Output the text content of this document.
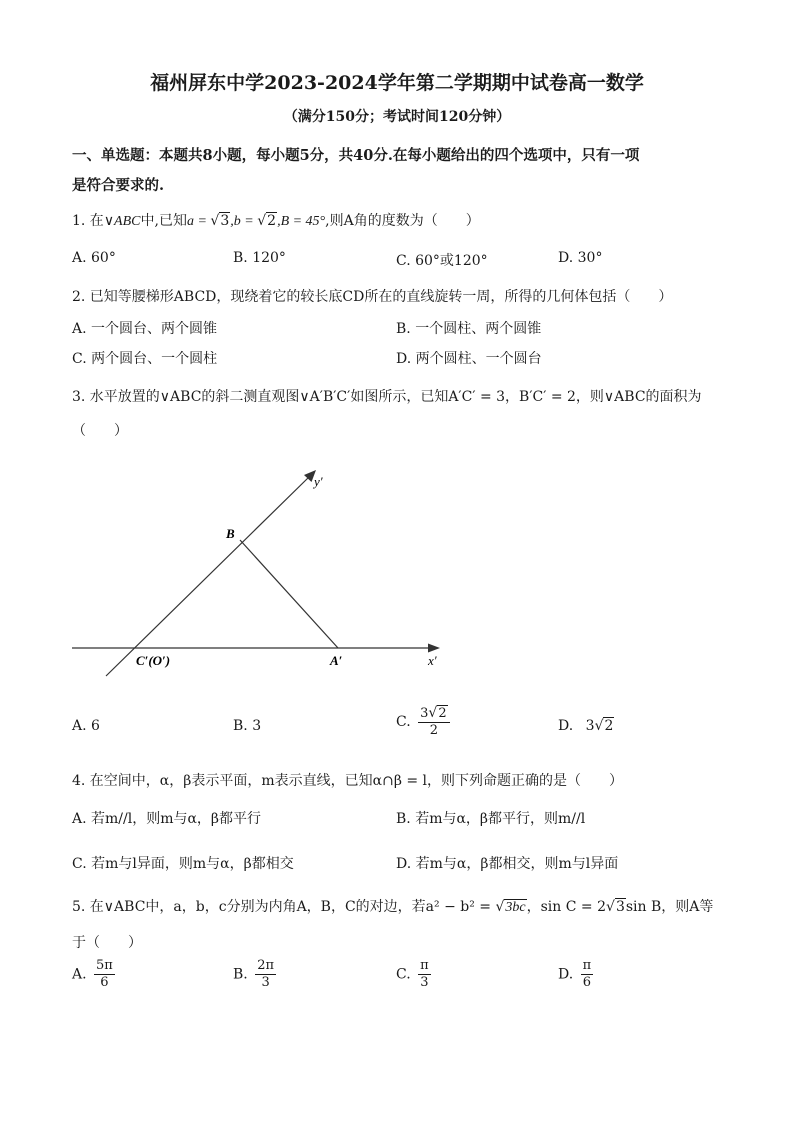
福州屏东中学2023-2024学年第二学期期中试卷高一数学
（满分150分；考试时间120分钟）
一、单选题：本题共8小题，每小题5分，共40分.在每小题给出的四个选项中，只有一项
是符合要求的.
1. 在∨ABC中,已知a = √3,b = √2,B = 45°,则A角的度数为（　　）
A. 60°	B. 120°	C. 60°或120°	D. 30°
2. 已知等腰梯形ABCD，现绕着它的较长底CD所在的直线旋转一周，所得的几何体包括（　　）
A. 一个圆台、两个圆锥	B. 一个圆柱、两个圆锥
C. 两个圆台、一个圆柱	D. 两个圆柱、一个圆台
3. 水平放置的∨ABC的斜二测直观图∨A′B′C′如图所示，已知A′C′ = 3，B′C′ = 2，则∨ABC的面积为
（　　）
y′
x′
B
A′
C′(O′)
A. 6	B. 3	C. $\frac{3√2}{2}$	D. 3√2
4. 在空间中，α，β表示平面，m表示直线，已知α∩β = l，则下列命题正确的是（　　）
A. 若m//l，则m与α，β都平行	B. 若m与α，β都平行，则m//l
C. 若m与l异面，则m与α，β都相交	D. 若m与α，β都相交，则m与l异面
5. 在∨ABC中，a，b，c分别为内角A，B，C的对边，若a² − b² = √3bc，sin C = 2√3sin B，则A等
于（　　）
A. $\frac{5\pi}{6}$	B. $\frac{2\pi}{3}$	C. $\frac{\pi}{3}$	D. $\frac{\pi}{6}$
